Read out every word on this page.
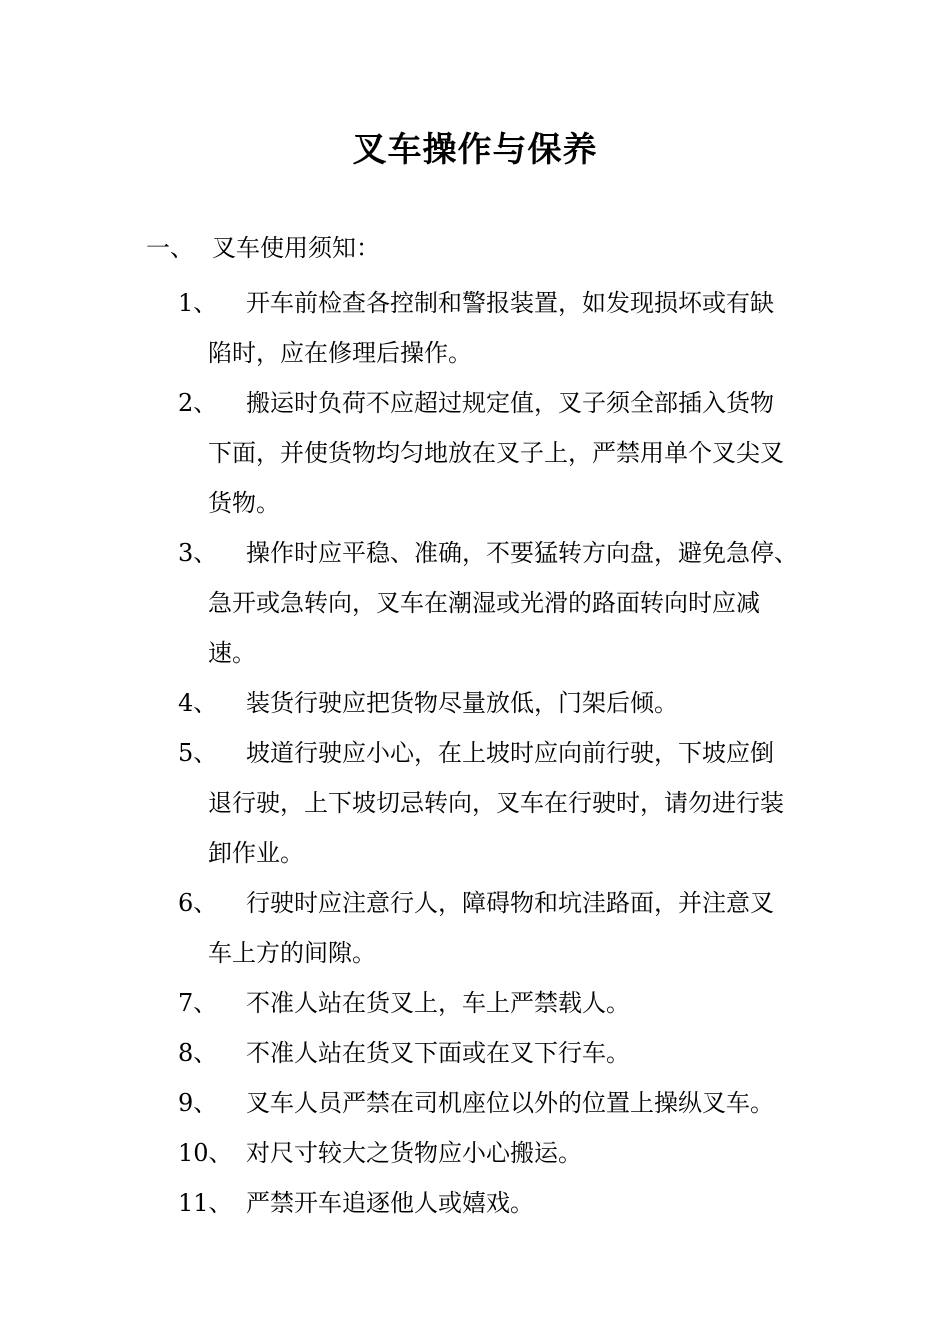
叉车操作与保养
一、 叉车使用须知：
1、 开车前检查各控制和警报装置，如发现损坏或有缺
陷时，应在修理后操作。
2、 搬运时负荷不应超过规定值，叉子须全部插入货物
下面，并使货物均匀地放在叉子上，严禁用单个叉尖叉
货物。
3、 操作时应平稳、准确，不要猛转方向盘，避免急停、
急开或急转向，叉车在潮湿或光滑的路面转向时应减
速。
4、 装货行驶应把货物尽量放低，门架后倾。
5、 坡道行驶应小心，在上坡时应向前行驶，下坡应倒
退行驶，上下坡切忌转向，叉车在行驶时，请勿进行装
卸作业。
6、 行驶时应注意行人，障碍物和坑洼路面，并注意叉
车上方的间隙。
7、 不准人站在货叉上，车上严禁载人。
8、 不准人站在货叉下面或在叉下行车。
9、 叉车人员严禁在司机座位以外的位置上操纵叉车。
10、 对尺寸较大之货物应小心搬运。
11、 严禁开车追逐他人或嬉戏。
